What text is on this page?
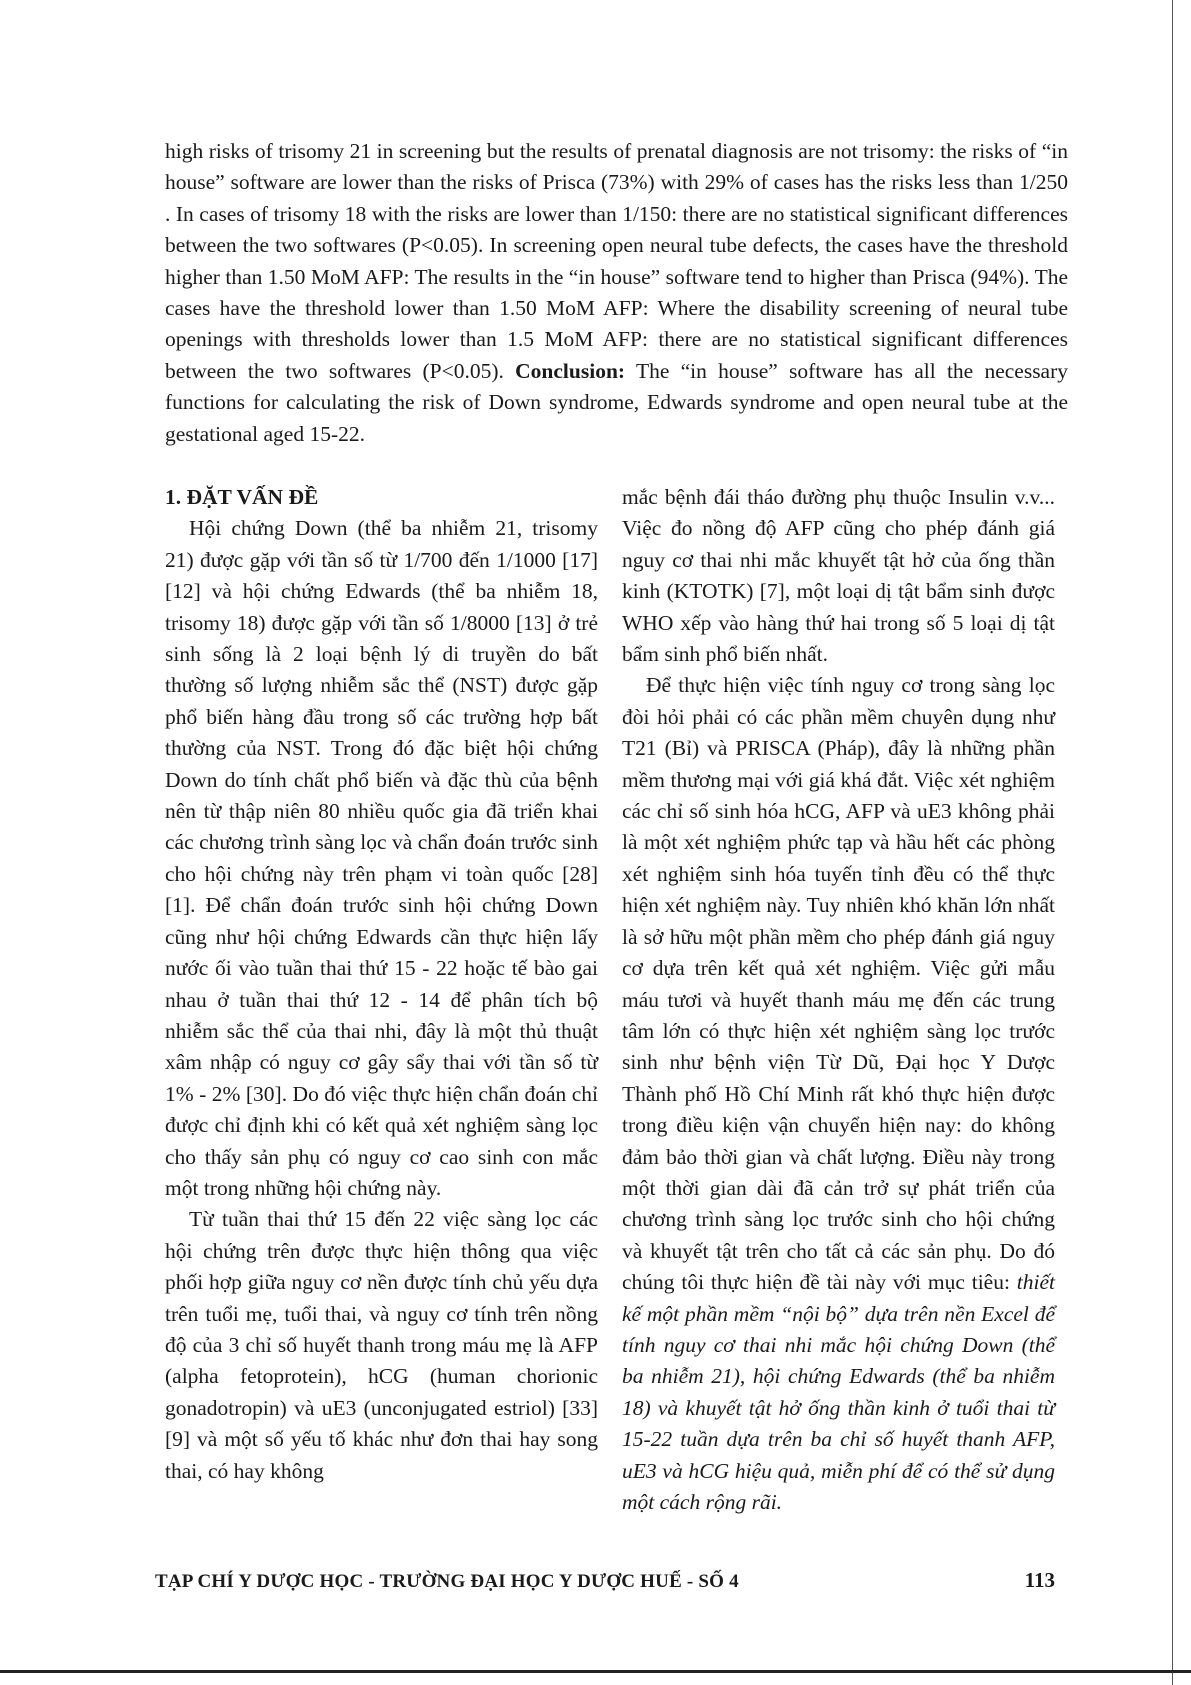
high risks of trisomy 21 in screening but the results of prenatal diagnosis are not trisomy: the risks of “in house” software are lower than the risks of Prisca (73%) with 29% of cases has the risks less than 1/250 . In cases of trisomy 18 with the risks are lower than 1/150: there are no statistical significant differences between the two softwares (P<0.05). In screening open neural tube defects, the cases have the threshold higher than 1.50 MoM AFP: The results in the “in house” software tend to higher than Prisca (94%). The cases have the threshold lower than 1.50 MoM AFP: Where the disability screening of neural tube openings with thresholds lower than 1.5 MoM AFP: there are no statistical significant differences between the two softwares (P<0.05). Conclusion: The “in house” software has all the necessary functions for calculating the risk of Down syndrome, Edwards syndrome and open neural tube at the gestational aged 15-22.

1. ĐẶT VẤN ĐỀ

Hội chứng Down (thể ba nhiễm 21, trisomy 21) được gặp với tần số từ 1/700 đến 1/1000 [17][12] và hội chứng Edwards (thể ba nhiễm 18, trisomy 18) được gặp với tần số 1/8000 [13] ở trẻ sinh sống là 2 loại bệnh lý di truyền do bất thường số lượng nhiễm sắc thể (NST) được gặp phổ biến hàng đầu trong số các trường hợp bất thường của NST. Trong đó đặc biệt hội chứng Down do tính chất phổ biến và đặc thù của bệnh nên từ thập niên 80 nhiều quốc gia đã triển khai các chương trình sàng lọc và chẩn đoán trước sinh cho hội chứng này trên phạm vi toàn quốc [28][1]. Để chẩn đoán trước sinh hội chứng Down cũng như hội chứng Edwards cần thực hiện lấy nước ối vào tuần thai thứ 15 - 22 hoặc tế bào gai nhau ở tuần thai thứ 12 - 14 để phân tích bộ nhiễm sắc thể của thai nhi, đây là một thủ thuật xâm nhập có nguy cơ gây sẩy thai với tần số từ 1% - 2% [30]. Do đó việc thực hiện chẩn đoán chỉ được chỉ định khi có kết quả xét nghiệm sàng lọc cho thấy sản phụ có nguy cơ cao sinh con mắc một trong những hội chứng này.

Từ tuần thai thứ 15 đến 22 việc sàng lọc các hội chứng trên được thực hiện thông qua việc phối hợp giữa nguy cơ nền được tính chủ yếu dựa trên tuổi mẹ, tuổi thai, và nguy cơ tính trên nồng độ của 3 chỉ số huyết thanh trong máu mẹ là AFP (alpha fetoprotein), hCG (human chorionic gonadotropin) và uE3 (unconjugated estriol) [33][9] và một số yếu tố khác như đơn thai hay song thai, có hay không

mắc bệnh đái tháo đường phụ thuộc Insulin v.v... Việc đo nồng độ AFP cũng cho phép đánh giá nguy cơ thai nhi mắc khuyết tật hở của ống thần kinh (KTOTK) [7], một loại dị tật bẩm sinh được WHO xếp vào hàng thứ hai trong số 5 loại dị tật bẩm sinh phổ biến nhất.

Để thực hiện việc tính nguy cơ trong sàng lọc đòi hỏi phải có các phần mềm chuyên dụng như T21 (Bỉ) và PRISCA (Pháp), đây là những phần mềm thương mại với giá khá đắt. Việc xét nghiệm các chỉ số sinh hóa hCG, AFP và uE3 không phải là một xét nghiệm phức tạp và hầu hết các phòng xét nghiệm sinh hóa tuyến tỉnh đều có thể thực hiện xét nghiệm này. Tuy nhiên khó khăn lớn nhất là sở hữu một phần mềm cho phép đánh giá nguy cơ dựa trên kết quả xét nghiệm. Việc gửi mẫu máu tươi và huyết thanh máu mẹ đến các trung tâm lớn có thực hiện xét nghiệm sàng lọc trước sinh như bệnh viện Từ Dũ, Đại học Y Dược Thành phố Hồ Chí Minh rất khó thực hiện được trong điều kiện vận chuyển hiện nay: do không đảm bảo thời gian và chất lượng. Điều này trong một thời gian dài đã cản trở sự phát triển của chương trình sàng lọc trước sinh cho hội chứng và khuyết tật trên cho tất cả các sản phụ. Do đó chúng tôi thực hiện đề tài này với mục tiêu: thiết kế một phần mềm “nội bộ” dựa trên nền Excel để tính nguy cơ thai nhi mắc hội chứng Down (thể ba nhiễm 21), hội chứng Edwards (thể ba nhiễm 18) và khuyết tật hở ống thần kinh ở tuổi thai từ 15-22 tuần dựa trên ba chỉ số huyết thanh AFP, uE3 và hCG hiệu quả, miễn phí để có thể sử dụng một cách rộng rãi.

TẠP CHÍ Y DƯỢC HỌC - TRƯỜNG ĐẠI HỌC Y DƯỢC HUẾ - SỐ 4	113
